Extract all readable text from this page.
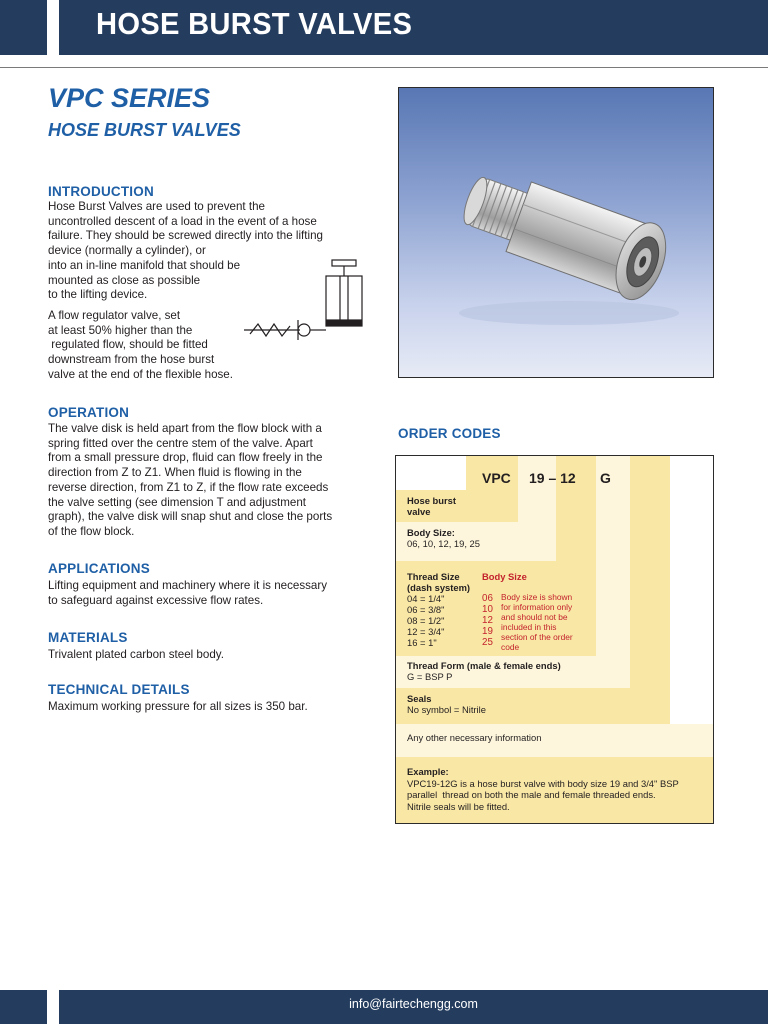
HOSE BURST VALVES
VPC SERIES
HOSE BURST VALVES
INTRODUCTION
Hose Burst Valves are used to prevent the
uncontrolled descent of a load in the event of a hose
failure. They should be screwed directly into the lifting
device (normally a cylinder), or
into an in-line manifold that should be
mounted as close as possible
to the lifting device.
A flow regulator valve, set
at least 50% higher than the
regulated flow, should be fitted
downstream from the hose burst
valve at the end of the flexible hose.
OPERATION
The valve disk is held apart from the flow block with a
spring fitted over the centre stem of the valve. Apart
from a small pressure drop, fluid can flow freely in the
direction from Z to Z1. When fluid is flowing in the
reverse direction, from Z1 to Z, if the flow rate exceeds
the valve setting (see dimension T and adjustment
graph), the valve disk will snap shut and close the ports
of the flow block.
APPLICATIONS
Lifting equipment and machinery where it is necessary
to safeguard against excessive flow rates.
MATERIALS
Trivalent plated carbon steel body.
TECHNICAL DETAILS
Maximum working pressure for all sizes is 350 bar.
ORDER CODES
VPC 19 – 12 G
Hose burst
valve
Body Size:
06, 10, 12, 19, 25
Thread Size
(dash system)
04 = 1/4"
06 = 3/8"
08 = 1/2"
12 = 3/4"
16 = 1"
Body Size
06
10
12
19
25
Body size is shown
for information only
and should not be
included in this
section of the order
code
Thread Form (male & female ends)
G = BSP P
Seals
No symbol = Nitrile
Any other necessary information
Example:
VPC19-12G is a hose burst valve with body size 19 and 3/4" BSP
parallel  thread on both the male and female threaded ends.
Nitrile seals will be fitted.
info@fairtechengg.com
